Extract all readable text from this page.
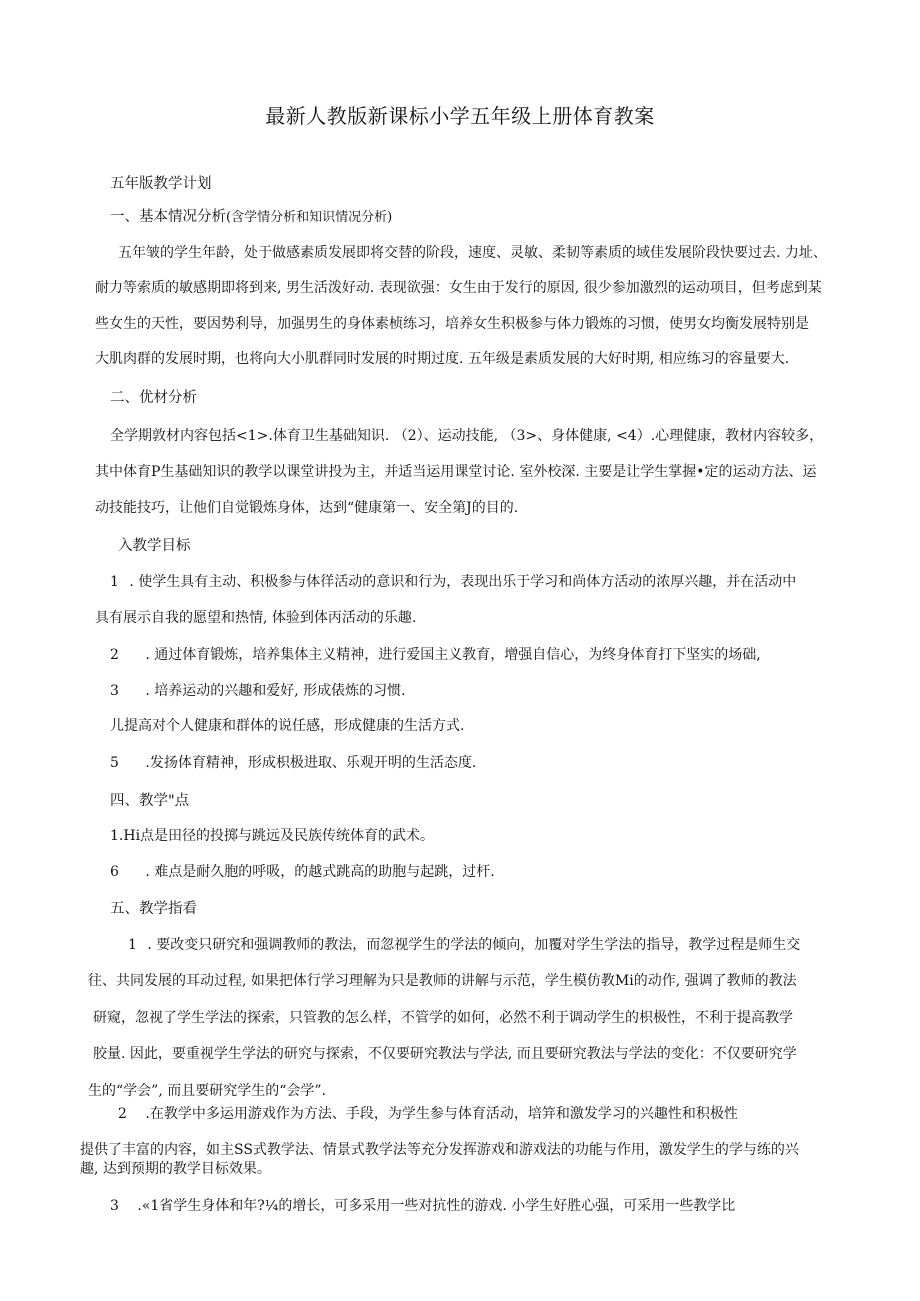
最新人教版新课标小学五年级上册体育教案
五年版教学计划
一、基本情况分析(含学情分析和知识情况分析)
五年皱的学生年龄，处于做感素质发展即将交替的阶段，速度、灵敏、柔韧等素质的域佳发展阶段快要过去. 力址、
耐力等索质的敏感期即将到来, 男生活泼好动. 表现欲强：女生由于发行的原因, 很少参加激烈的运动项目，但考虑到某
些女生的天性，要因势利导，加强男生的身体素桢练习，培养女生积极参与体力锻炼的习惯，使男女均衡发展特别是
大肌肉群的发展时期，也将向大小肌群同时发展的时期过度. 五年级是素质发展的大好时期, 相应练习的容量要大.
二、优材分析
全学期敦材内容包括<1>.体育卫生基础知识. （2）、运动技能, （3>、身体健康, <4）.心理健康，教材内容较多，
其中体育P生基础知识的教学以课堂讲投为主，并适当运用课堂讨论. 室外校深. 主要是让学生掌握•定的运动方法、运
动技能技巧，让他们自觉锻炼身体，达到“健康第一、安全第J的目的.
入教学目标
1 . 使学生具有主动、积极参与体徉活动的意识和行为，表现出乐于学习和尚体方活动的浓厚兴趣，并在活动中
具有展示自我的愿望和热情, 体验到体丙活动的乐趣.
2 . 通过体育锻炼，培养集体主义精神，进行爱国主义教育，增强自信心，为终身体育打下坚实的场础,
3 . 培养运动的兴趣和爱好, 形成俵炼的习惯.
儿提高对个人健康和群体的说任感，形成健康的生活方式.
5 .发扬体育精神，形成枳极进取、乐观开明的生活态度.
四、教学"点
1.Hi点是田径的投掷与跳远及民族传统体育的武术。
6 . 难点是耐久胞的呼吸，的越式跳高的助胞与起跳，过杆.
五、教学指看
1 . 要改变只研究和强调教师的教法，而忽视学生的学法的倾向，加覆对学生学法的指导，教学过程是师生交
往、共同发展的耳动过程, 如果把体行学习理解为只是教师的讲解与示范，学生模仿教Mi的动作, 强调了教师的教法
研窥，忽视了学生学法的探索，只管教的怎么样，不管学的如何，必然不利于调动学生的枳极性，不利于提高教学
胶量. 因此，要重视学生学法的研究与探索，不仅要研究教法与学法, 而且要研究教法与学法的变化：不仅要研究学
生的“学会”, 而且要研究学生的“会学”.
2 .在教学中多运用游戏作为方法、手段，为学生参与体育活动，培笄和激发学习的兴趣性和积极性
提供了丰富的内容，如主SS式教学法、情景式教学法等充分发挥游戏和游戏法的功能与作用，激发学生的学与练的兴
趣, 达到预期的教学目标效果。
3 .«1省学生身体和年?¼的增长，可多采用一些对抗性的游戏. 小学生好胜心强，可采用一些教学比
